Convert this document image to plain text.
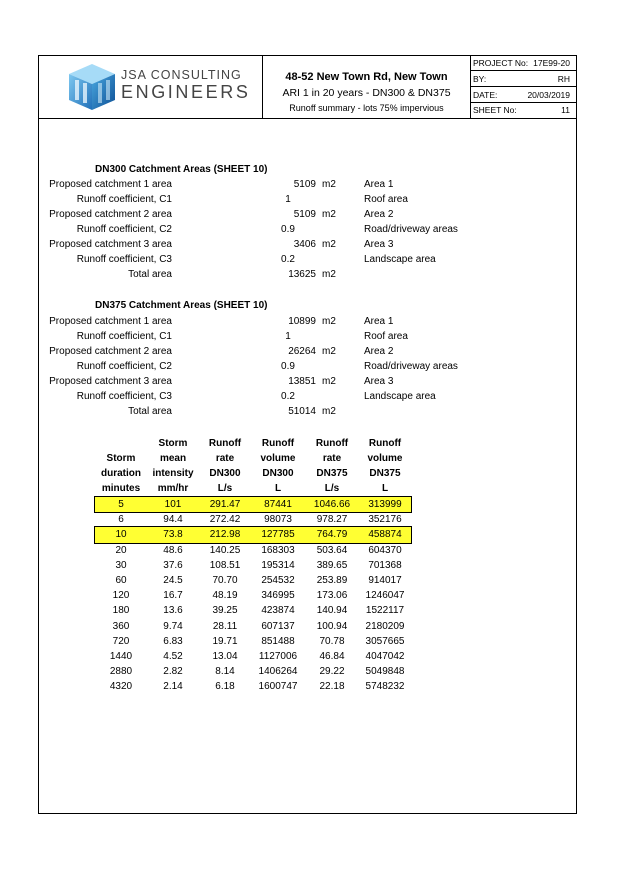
JSA CONSULTING
ENGINEERS
48-52 New Town Rd, New Town
ARI 1 in 20 years - DN300 & DN375
Runoff summary - lots 75% impervious
PROJECT No: 17E99-20
BY:	RH
DATE:	20/03/2019
SHEET No:	11
DN300 Catchment Areas (SHEET 10)
Proposed catchment 1 area	5109 m2	Area 1
Runoff coefficient, C1	1	Roof area
Proposed catchment 2 area	5109 m2	Area 2
Runoff coefficient, C2	0.9	Road/driveway areas
Proposed catchment 3 area	3406 m2	Area 3
Runoff coefficient, C3	0.2	Landscape area
Total area	13625 m2
DN375 Catchment Areas (SHEET 10)
Proposed catchment 1 area	10899 m2	Area 1
Runoff coefficient, C1	1	Roof area
Proposed catchment 2 area	26264 m2	Area 2
Runoff coefficient, C2	0.9	Road/driveway areas
Proposed catchment 3 area	13851 m2	Area 3
Runoff coefficient, C3	0.2	Landscape area
Total area	51014 m2
	Storm	Runoff	Runoff	Runoff	Runoff
Storm	mean	rate	volume	rate	volume
duration	intensity	DN300	DN300	DN375	DN375
minutes	mm/hr	L/s	L	L/s	L
5	101	291.47	87441	1046.66	313999
6	94.4	272.42	98073	978.27	352176
10	73.8	212.98	127785	764.79	458874
20	48.6	140.25	168303	503.64	604370
30	37.6	108.51	195314	389.65	701368
60	24.5	70.70	254532	253.89	914017
120	16.7	48.19	346995	173.06	1246047
180	13.6	39.25	423874	140.94	1522117
360	9.74	28.11	607137	100.94	2180209
720	6.83	19.71	851488	70.78	3057665
1440	4.52	13.04	1127006	46.84	4047042
2880	2.82	8.14	1406264	29.22	5049848
4320	2.14	6.18	1600747	22.18	5748232
